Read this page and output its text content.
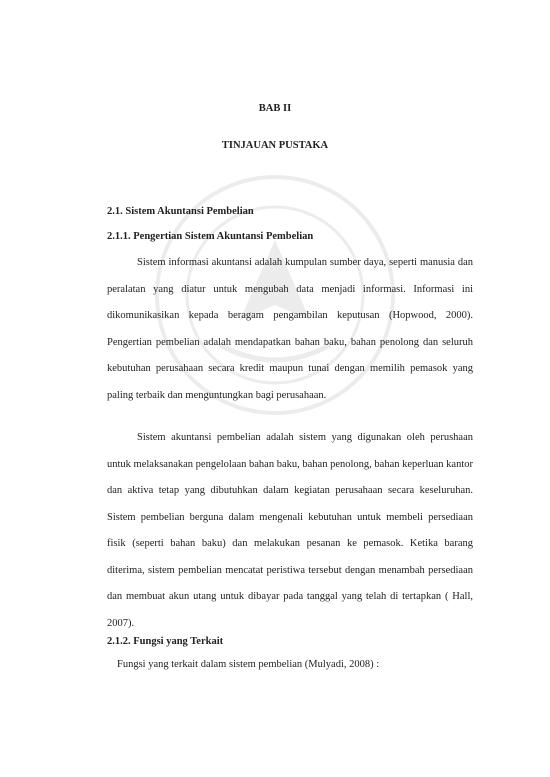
BAB II
TINJAUAN PUSTAKA
2.1. Sistem Akuntansi Pembelian
2.1.1. Pengertian Sistem Akuntansi Pembelian
Sistem informasi akuntansi adalah kumpulan sumber daya, seperti manusia dan peralatan yang diatur untuk mengubah data menjadi informasi. Informasi ini dikomunikasikan kepada beragam pengambilan keputusan (Hopwood, 2000). Pengertian pembelian adalah mendapatkan bahan baku, bahan penolong dan seluruh kebutuhan perusahaan secara kredit maupun tunai dengan memilih pemasok yang paling terbaik dan menguntungkan bagi perusahaan.
Sistem akuntansi pembelian adalah sistem yang digunakan oleh perushaan untuk melaksanakan pengelolaan bahan baku, bahan penolong, bahan keperluan kantor dan aktiva tetap yang dibutuhkan dalam kegiatan perusahaan secara keseluruhan. Sistem pembelian berguna dalam mengenali kebutuhan untuk membeli persediaan fisik (seperti bahan baku) dan melakukan pesanan ke pemasok. Ketika barang diterima, sistem pembelian mencatat peristiwa tersebut dengan menambah persediaan dan membuat akun utang untuk dibayar pada tanggal yang telah di tertapkan ( Hall, 2007).
2.1.2. Fungsi yang Terkait
Fungsi yang terkait dalam sistem pembelian (Mulyadi, 2008) :
